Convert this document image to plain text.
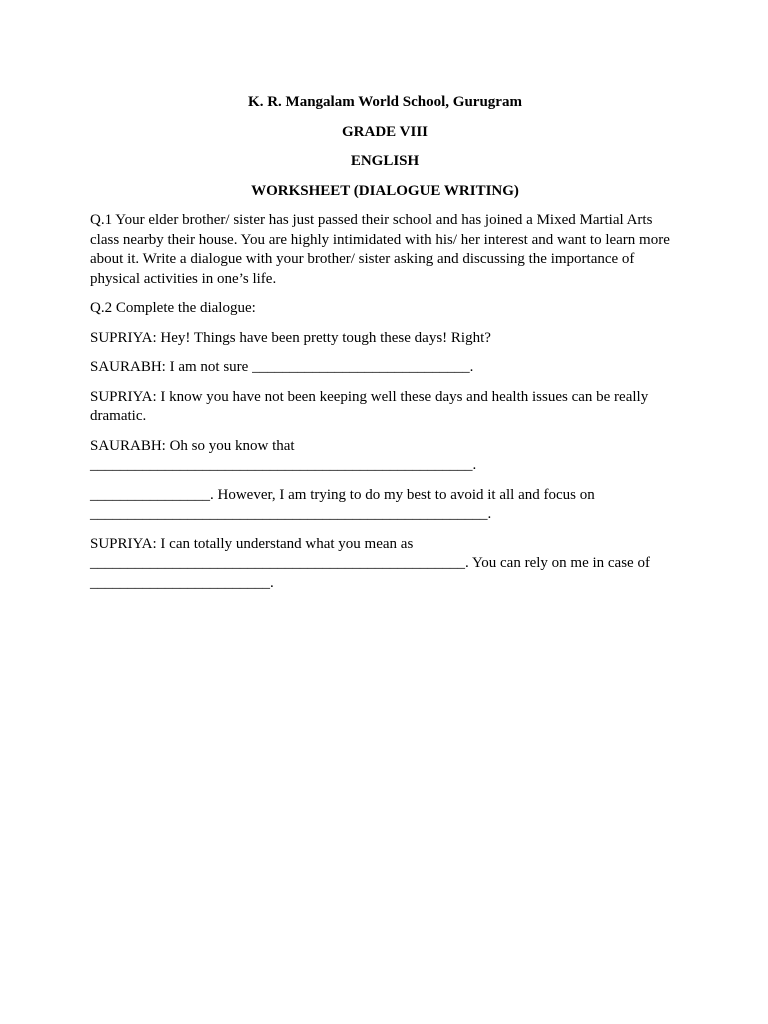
K. R. Mangalam World School, Gurugram
GRADE VIII
ENGLISH
WORKSHEET (DIALOGUE WRITING)
Q.1 Your elder brother/ sister has just passed their school and has joined a Mixed Martial Arts class nearby their house. You are highly intimidated with his/ her interest and want to learn more about it. Write a dialogue with your brother/ sister asking and discussing the importance of physical activities in one’s life.
Q.2 Complete the dialogue:
SUPRIYA: Hey! Things have been pretty tough these days! Right?
SAURABH: I am not sure _____________________________.
SUPRIYA: I know you have not been keeping well these days and health issues can be really dramatic.
SAURABH: Oh so you know that ___________________________________________________.
________________. However, I am trying to do my best to avoid it all and focus on _____________________________________________________.
SUPRIYA: I can totally understand what you mean as __________________________________________________. You can rely on me in case of ________________________.
